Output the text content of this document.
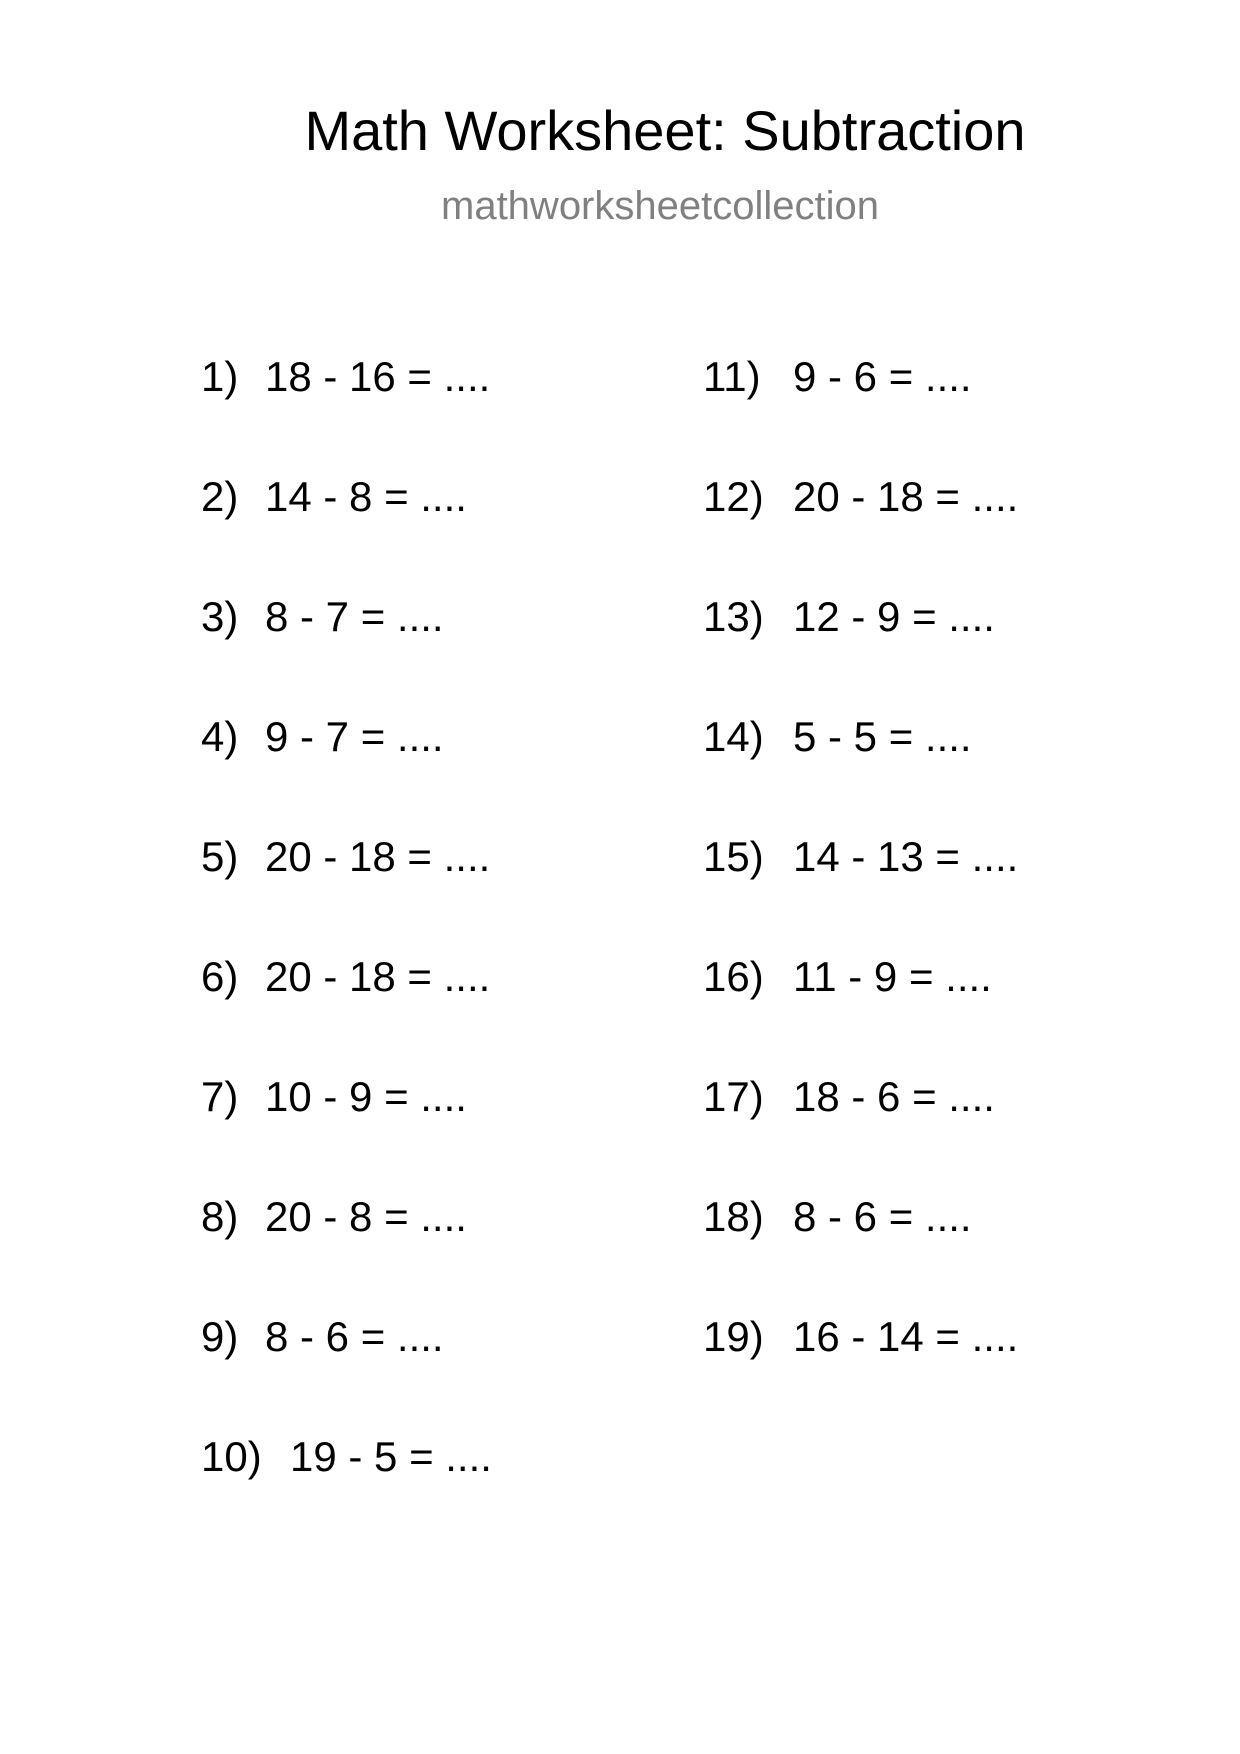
Math Worksheet: Subtraction
mathworksheetcollection
1) 18 - 16 = ....
2) 14 - 8 = ....
3) 8 - 7 = ....
4) 9 - 7 = ....
5) 20 - 18 = ....
6) 20 - 18 = ....
7) 10 - 9 = ....
8) 20 - 8 = ....
9) 8 - 6 = ....
10) 19 - 5 = ....
11) 9 - 6 = ....
12) 20 - 18 = ....
13) 12 - 9 = ....
14) 5 - 5 = ....
15) 14 - 13 = ....
16) 11 - 9 = ....
17) 18 - 6 = ....
18) 8 - 6 = ....
19) 16 - 14 = ....
